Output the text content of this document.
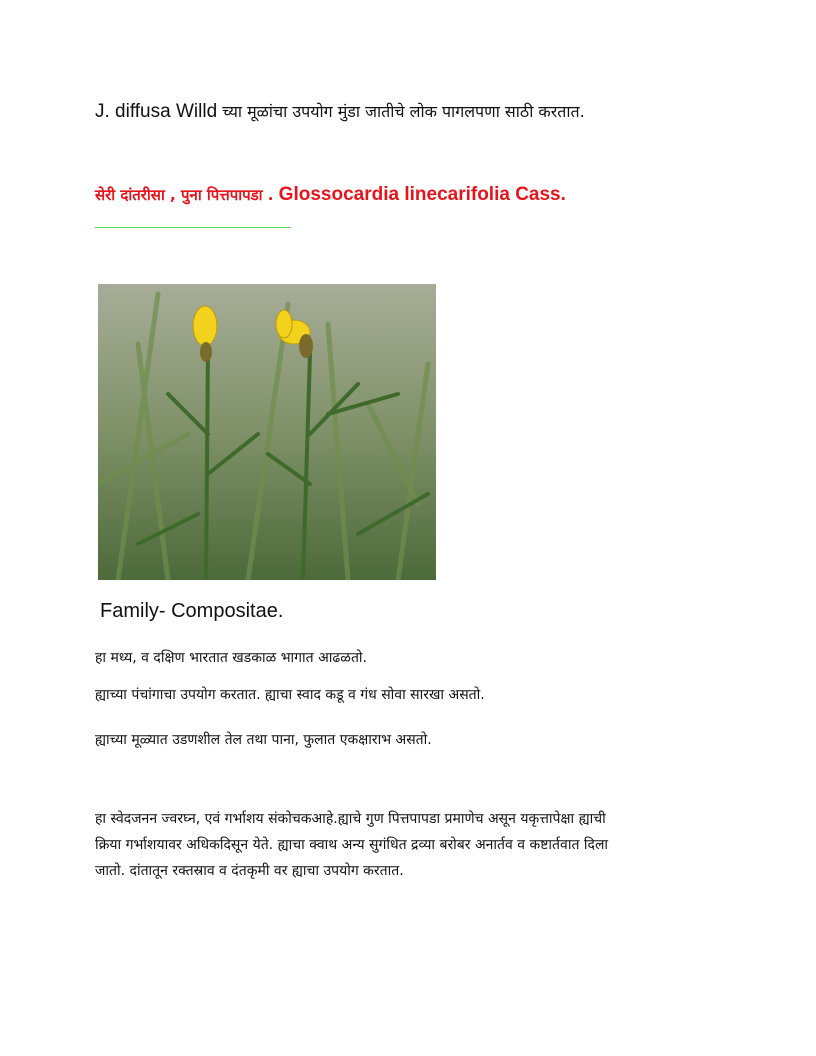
J. diffusa Willd च्या मूळांचा उपयोग मुंडा जातीचे लोक पागलपणा साठी करतात.
सेरी दांतरीसा , पुना पित्तपापडा . Glossocardia linecarifolia Cass.
Family- Compositae.
हा मध्य, व दक्षिण भारतात खडकाळ भागात आढळतो.
ह्याच्या पंचांगाचा उपयोग करतात. ह्याचा स्वाद कडू व गंध सोवा सारखा असतो.
ह्याच्या मूळ्यात उडणशील तेल तथा पाना, फुलात एकक्षाराभ असतो.
हा स्वेदजनन ज्वरघ्न, एवं गर्भाशय संकोचकआहे.ह्याचे गुण पित्तपापडा प्रमाणेच असून यकृत्तापेक्षा ह्याची
क्रिया गर्भाशयावर अधिकदिसून येते. ह्याचा क्वाथ अन्य सुगंधित द्रव्या बरोबर अनार्तव व कष्टार्तवात दिला
जातो. दांतातून रक्तस्राव व दंतकृमी वर ह्याचा उपयोग करतात.
